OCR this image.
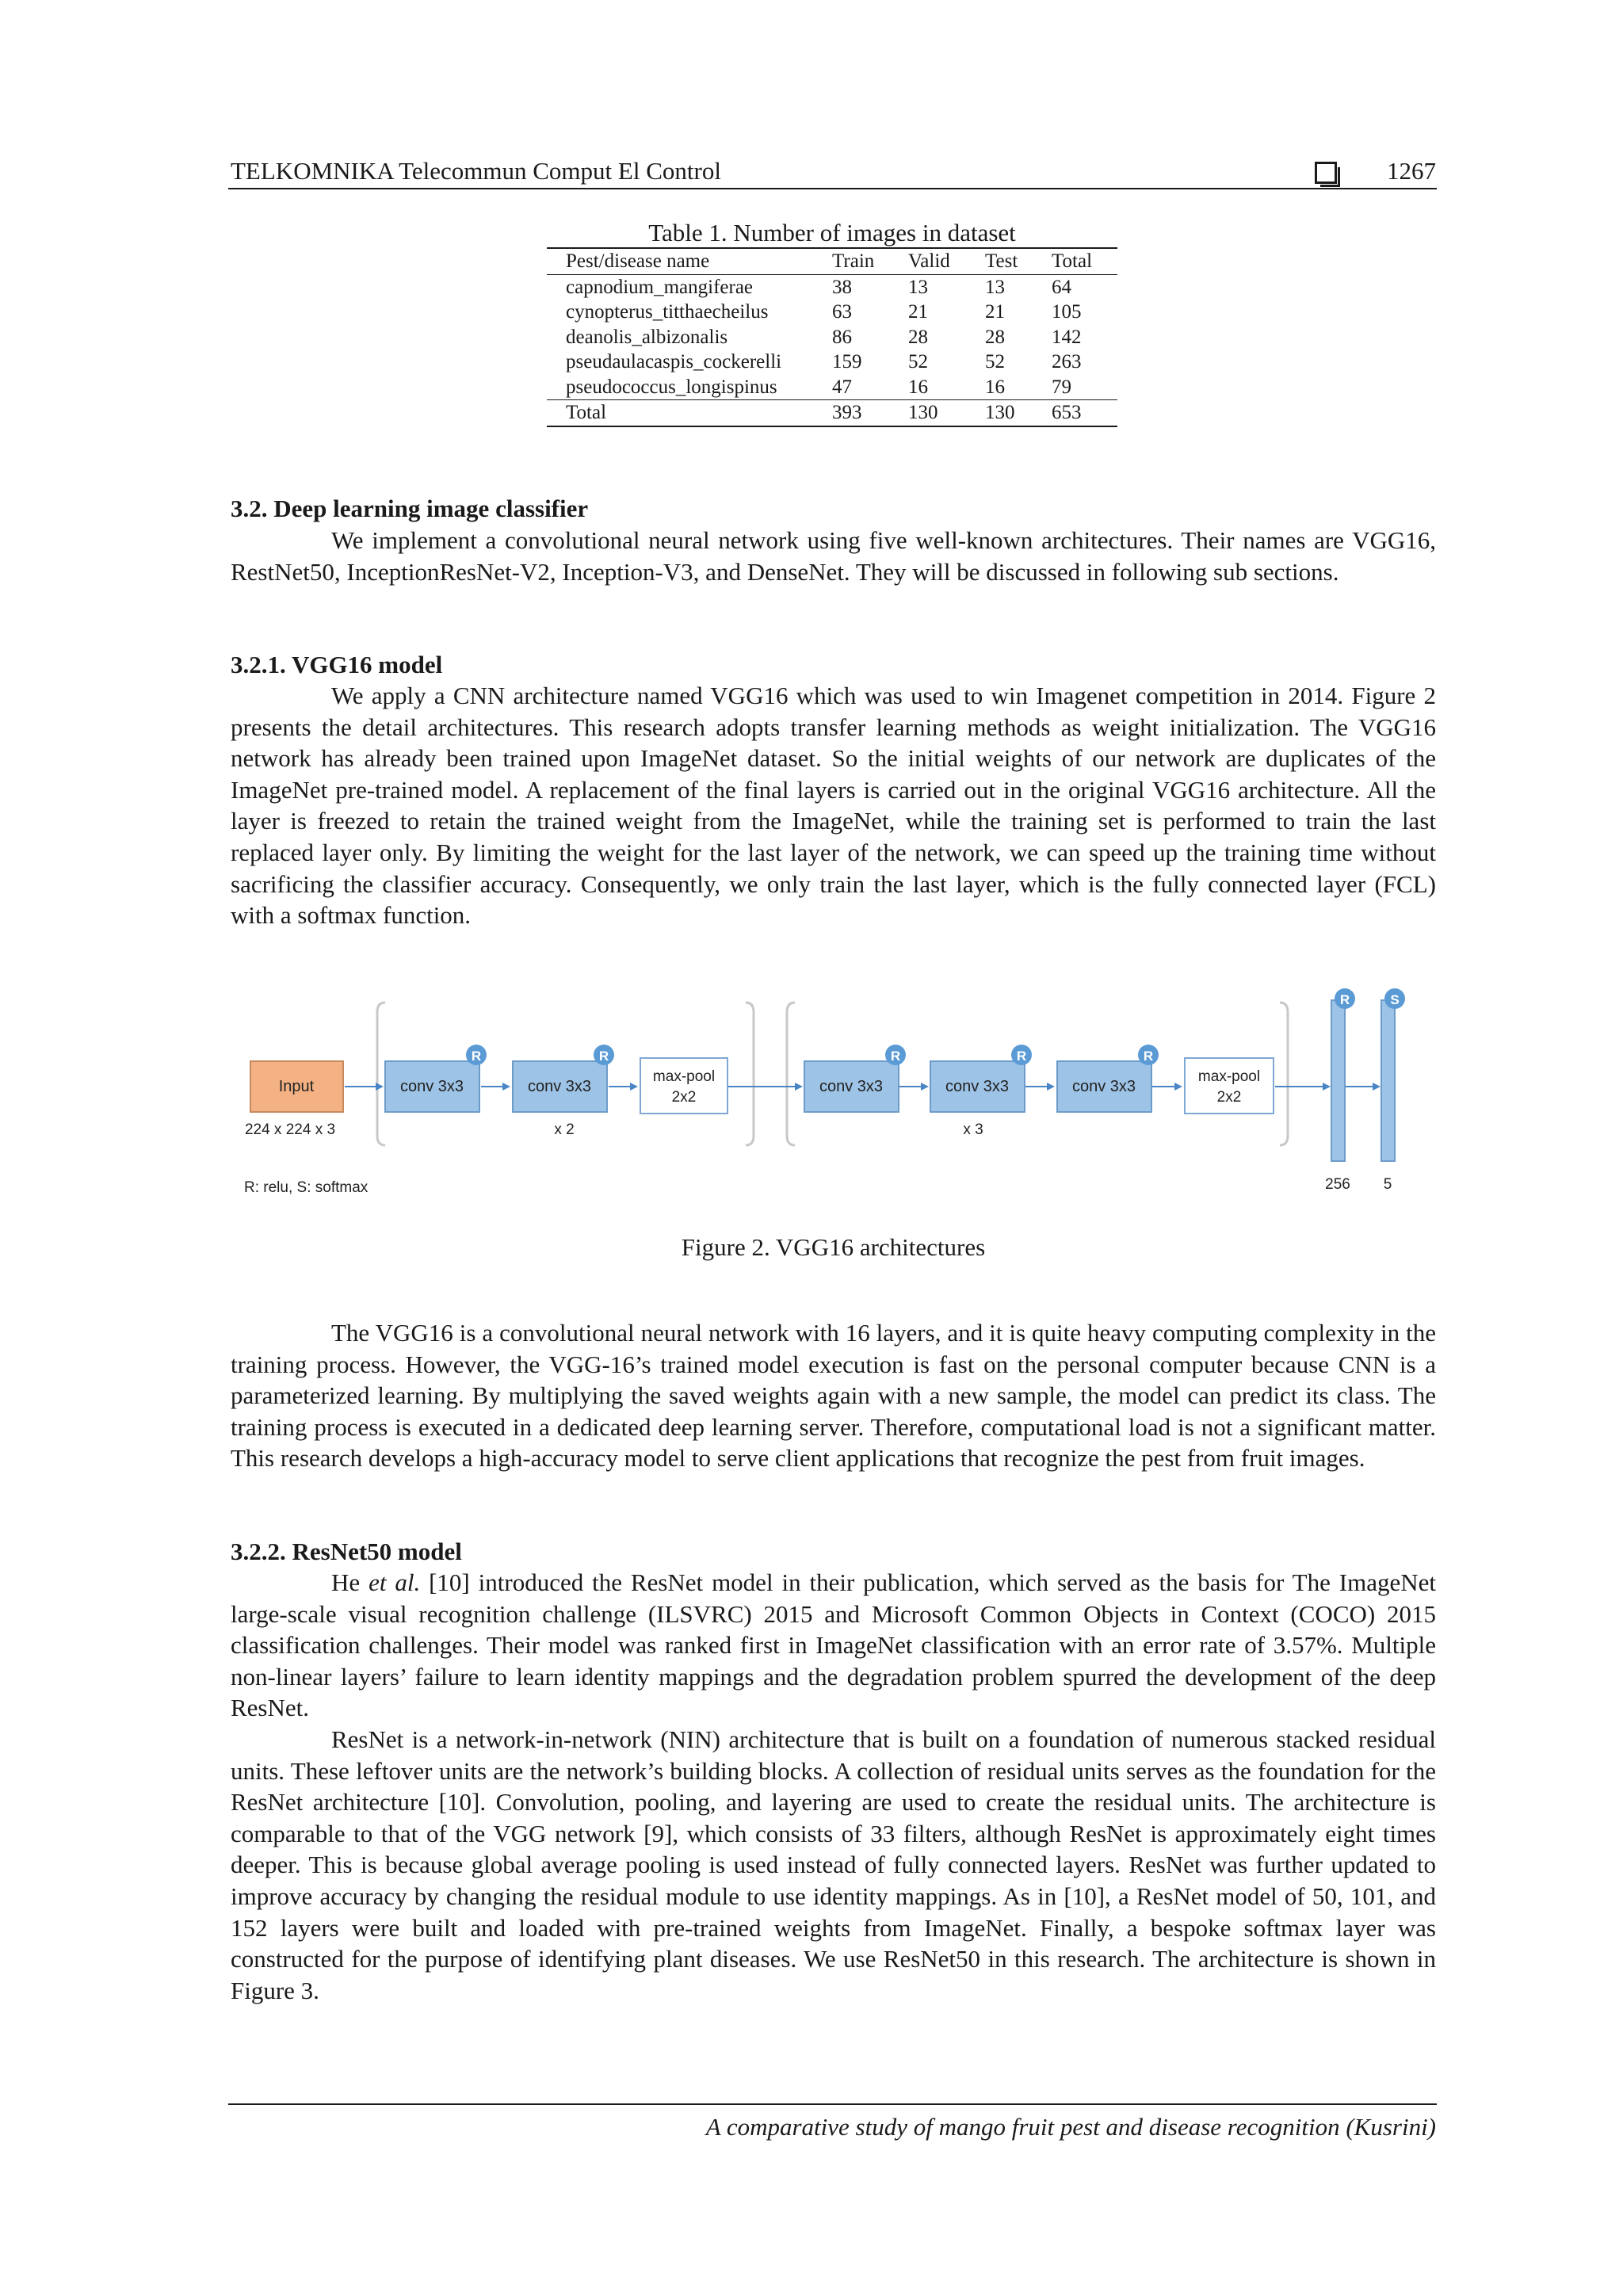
TELKOMNIKA Telecommun Comput El Control	1267
Table 1. Number of images in dataset
Pest/disease name	Train	Valid	Test	Total
capnodium_mangiferae	38	13	13	64
cynopterus_titthaecheilus	63	21	21	105
deanolis_albizonalis	86	28	28	142
pseudaulacaspis_cockerelli	159	52	52	263
pseudococcus_longispinus	47	16	16	79
Total	393	130	130	653
3.2. Deep learning image classifier

We implement a convolutional neural network using five well-known architectures. Their names are VGG16, RestNet50, InceptionResNet-V2, Inception-V3, and DenseNet. They will be discussed in following sub sections.

3.2.1. VGG16 model

We apply a CNN architecture named VGG16 which was used to win Imagenet competition in 2014. Figure 2 presents the detail architectures. This research adopts transfer learning methods as weight initialization. The VGG16 network has already been trained upon ImageNet dataset. So the initial weights of our network are duplicates of the ImageNet pre-trained model. A replacement of the final layers is carried out in the original VGG16 architecture. All the layer is freezed to retain the trained weight from the ImageNet, while the training set is performed to train the last replaced layer only. By limiting the weight for the last layer of the network, we can speed up the training time without sacrificing the classifier accuracy. Consequently, we only train the last layer, which is the fully connected layer (FCL) with a softmax function.

Input
224 x 224 x 3
conv 3x3
R
conv 3x3
R
max-pool
2x2
x 2
conv 3x3
R
conv 3x3
R
conv 3x3
R
max-pool
2x2
x 3
R
256
S
5
R: relu, S: softmax
Figure 2. VGG16 architectures

The VGG16 is a convolutional neural network with 16 layers, and it is quite heavy computing complexity in the training process. However, the VGG-16’s trained model execution is fast on the personal computer because CNN is a parameterized learning. By multiplying the saved weights again with a new sample, the model can predict its class. The training process is executed in a dedicated deep learning server. Therefore, computational load is not a significant matter. This research develops a high-accuracy model to serve client applications that recognize the pest from fruit images.

3.2.2. ResNet50 model

He et al. [10] introduced the ResNet model in their publication, which served as the basis for The ImageNet large-scale visual recognition challenge (ILSVRC) 2015 and Microsoft Common Objects in Context (COCO) 2015 classification challenges. Their model was ranked first in ImageNet classification with an error rate of 3.57%. Multiple non-linear layers’ failure to learn identity mappings and the degradation problem spurred the development of the deep ResNet.

ResNet is a network-in-network (NIN) architecture that is built on a foundation of numerous stacked residual units. These leftover units are the network’s building blocks. A collection of residual units serves as the foundation for the ResNet architecture [10]. Convolution, pooling, and layering are used to create the residual units. The architecture is comparable to that of the VGG network [9], which consists of 33 filters, although ResNet is approximately eight times deeper. This is because global average pooling is used instead of fully connected layers. ResNet was further updated to improve accuracy by changing the residual module to use identity mappings. As in [10], a ResNet model of 50, 101, and 152 layers were built and loaded with pre-trained weights from ImageNet. Finally, a bespoke softmax layer was constructed for the purpose of identifying plant diseases. We use ResNet50 in this research. The architecture is shown in Figure 3.

A comparative study of mango fruit pest and disease recognition (Kusrini)
